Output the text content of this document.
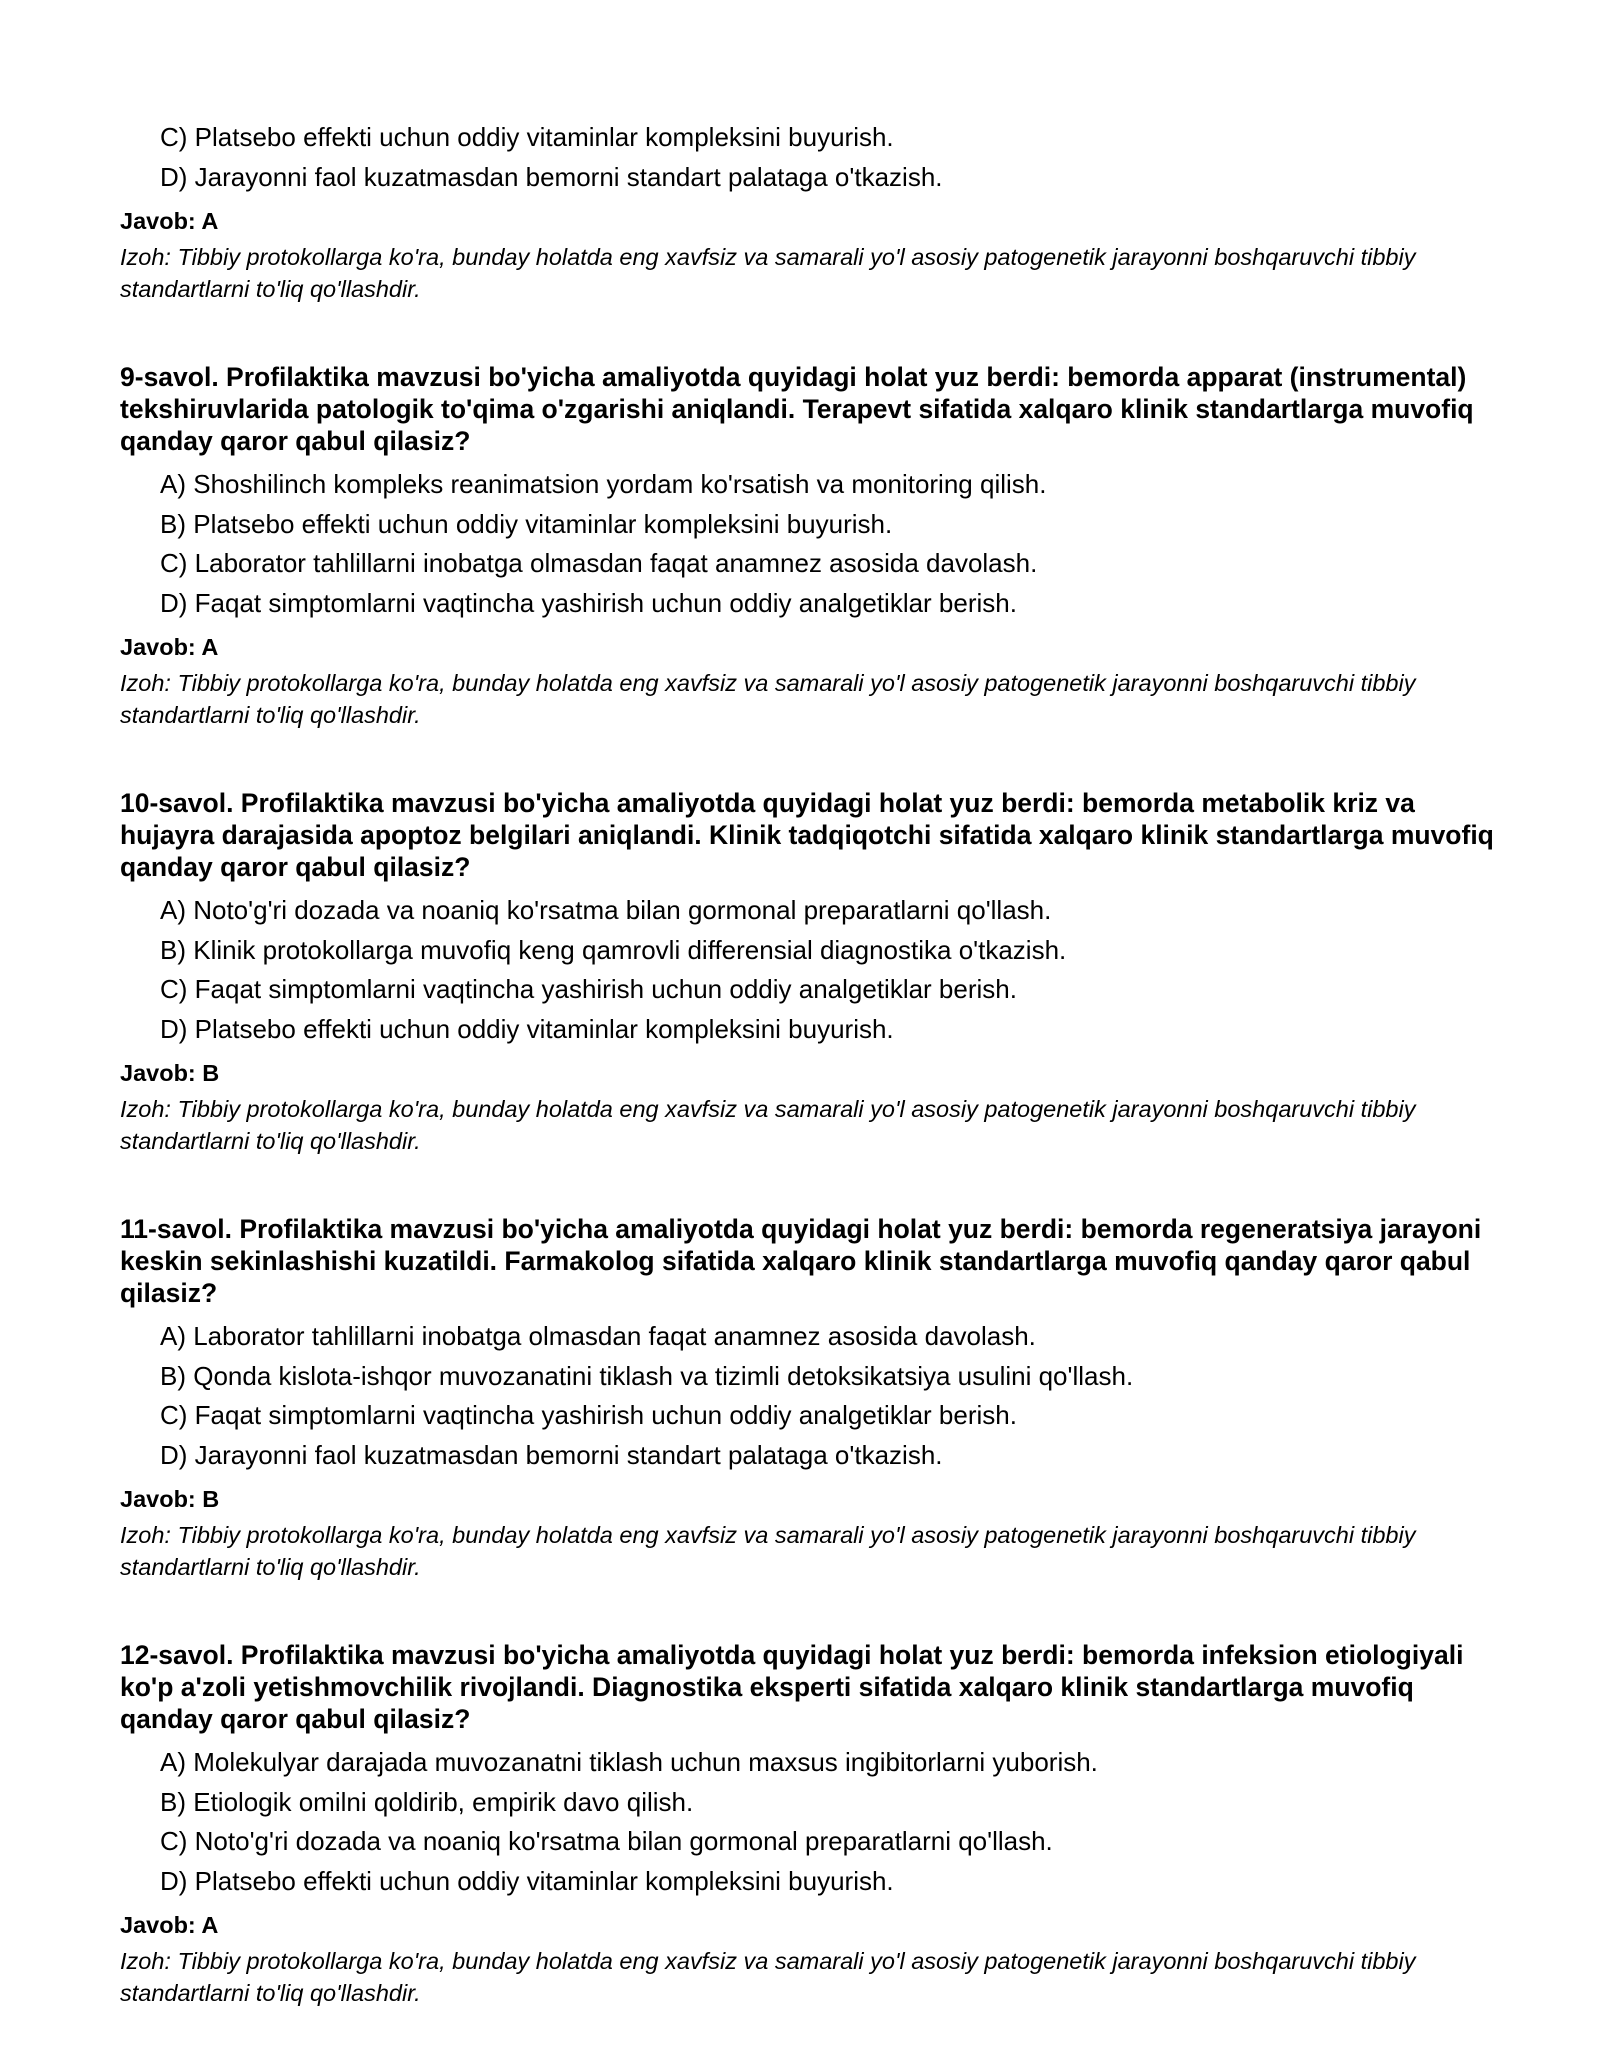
C) Platsebo effekti uchun oddiy vitaminlar kompleksini buyurish.
D) Jarayonni faol kuzatmasdan bemorni standart palataga o'tkazish.
Javob: A
Izoh: Tibbiy protokollarga ko'ra, bunday holatda eng xavfsiz va samarali yo'l asosiy patogenetik jarayonni boshqaruvchi tibbiy standartlarni to'liq qo'llashdir.
9-savol. Profilaktika mavzusi bo'yicha amaliyotda quyidagi holat yuz berdi: bemorda apparat (instrumental) tekshiruvlarida patologik to'qima o'zgarishi aniqlandi. Terapevt sifatida xalqaro klinik standartlarga muvofiq qanday qaror qabul qilasiz?
A) Shoshilinch kompleks reanimatsion yordam ko'rsatish va monitoring qilish.
B) Platsebo effekti uchun oddiy vitaminlar kompleksini buyurish.
C) Laborator tahlillarni inobatga olmasdan faqat anamnez asosida davolash.
D) Faqat simptomlarni vaqtincha yashirish uchun oddiy analgetiklar berish.
Javob: A
Izoh: Tibbiy protokollarga ko'ra, bunday holatda eng xavfsiz va samarali yo'l asosiy patogenetik jarayonni boshqaruvchi tibbiy standartlarni to'liq qo'llashdir.
10-savol. Profilaktika mavzusi bo'yicha amaliyotda quyidagi holat yuz berdi: bemorda metabolik kriz va hujayra darajasida apoptoz belgilari aniqlandi. Klinik tadqiqotchi sifatida xalqaro klinik standartlarga muvofiq qanday qaror qabul qilasiz?
A) Noto'g'ri dozada va noaniq ko'rsatma bilan gormonal preparatlarni qo'llash.
B) Klinik protokollarga muvofiq keng qamrovli differensial diagnostika o'tkazish.
C) Faqat simptomlarni vaqtincha yashirish uchun oddiy analgetiklar berish.
D) Platsebo effekti uchun oddiy vitaminlar kompleksini buyurish.
Javob: B
Izoh: Tibbiy protokollarga ko'ra, bunday holatda eng xavfsiz va samarali yo'l asosiy patogenetik jarayonni boshqaruvchi tibbiy standartlarni to'liq qo'llashdir.
11-savol. Profilaktika mavzusi bo'yicha amaliyotda quyidagi holat yuz berdi: bemorda regeneratsiya jarayoni keskin sekinlashishi kuzatildi. Farmakolog sifatida xalqaro klinik standartlarga muvofiq qanday qaror qabul qilasiz?
A) Laborator tahlillarni inobatga olmasdan faqat anamnez asosida davolash.
B) Qonda kislota-ishqor muvozanatini tiklash va tizimli detoksikatsiya usulini qo'llash.
C) Faqat simptomlarni vaqtincha yashirish uchun oddiy analgetiklar berish.
D) Jarayonni faol kuzatmasdan bemorni standart palataga o'tkazish.
Javob: B
Izoh: Tibbiy protokollarga ko'ra, bunday holatda eng xavfsiz va samarali yo'l asosiy patogenetik jarayonni boshqaruvchi tibbiy standartlarni to'liq qo'llashdir.
12-savol. Profilaktika mavzusi bo'yicha amaliyotda quyidagi holat yuz berdi: bemorda infeksion etiologiyali ko'p a'zoli yetishmovchilik rivojlandi. Diagnostika eksperti sifatida xalqaro klinik standartlarga muvofiq qanday qaror qabul qilasiz?
A) Molekulyar darajada muvozanatni tiklash uchun maxsus ingibitorlarni yuborish.
B) Etiologik omilni qoldirib, empirik davo qilish.
C) Noto'g'ri dozada va noaniq ko'rsatma bilan gormonal preparatlarni qo'llash.
D) Platsebo effekti uchun oddiy vitaminlar kompleksini buyurish.
Javob: A
Izoh: Tibbiy protokollarga ko'ra, bunday holatda eng xavfsiz va samarali yo'l asosiy patogenetik jarayonni boshqaruvchi tibbiy standartlarni to'liq qo'llashdir.
